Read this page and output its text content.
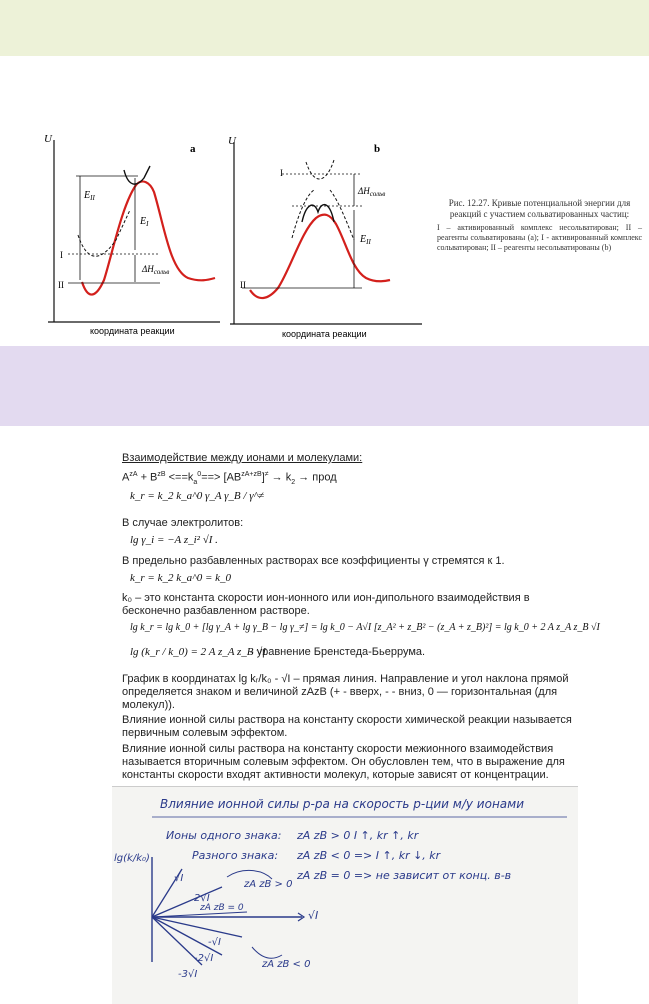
U
a
$E_{II}$
$E_I$
I
II
$\Delta H_{сольв}$
координата реакции
U
b
I
II
$\Delta H_{сольв}$
$E_{II}$
координата реакции
Рис. 12.27. Кривые потенциальной энергии для реакций с участием сольватированных частиц:
I – активированный комплекс несольватирован; II – реагенты сольватированы (a); I - активированный комплекс сольватирован; II – реагенты несольватированы (b)
Взаимодействие между ионами и молекулами:
$A^{zA} + B^{zB} <==k_a^0==> [AB^{zA+zB}]^\ne \to k_2$ → прод
k_r = k_2 k_a^0 γ_A γ_B / γ^≠
В случае электролитов:
lg γ_i = −A z_i² √I .
В предельно разбавленных растворах все коэффициенты γ стремятся к 1.
k_r = k_2 k_a^0 = k_0
k₀ – это константа скорости ион-ионного или ион-дипольного взаимодействия в бесконечно разбавленном растворе.
lg k_r = lg k_0 + [lg γ_A + lg γ_B − lg γ_≠] = lg k_0 − A√I [z_A² + z_B² − (z_A + z_B)²] = lg k_0 + 2 A z_A z_B √I
lg (k_r / k_0) = 2 A z_A z_B √I
- уравнение Бренстеда-Бьеррума.
График в координатах lg kᵣ/k₀ - √I – прямая линия. Направление и угол наклона прямой определяется знаком и величиной zAzB (+ - вверх, - - вниз, 0 — горизонтальная (для молекул)).
Влияние ионной силы раствора на константу скорости химической реакции называется первичным солевым эффектом.
Влияние ионной силы раствора на константу скорости межионного взаимодействия называется вторичным солевым эффектом. Он обусловлен тем, что в выражение для константы скорости входят активности молекул, которые зависят от концентрации.
Влияние ионной силы р-ра на скорость р-ции м/у ионами
Ионы одного знака: zA zB > 0 I ↑, kr ↑, kr
Разного знака: zA zB < 0 => I ↑, kr ↓, kr
zA zB = 0 => не зависит от конц. в-в
lg(k/k₀)
√I
√I
2√I
zA zB > 0
zA zB = 0
-√I
-2√I
-3√I
zA zB < 0
